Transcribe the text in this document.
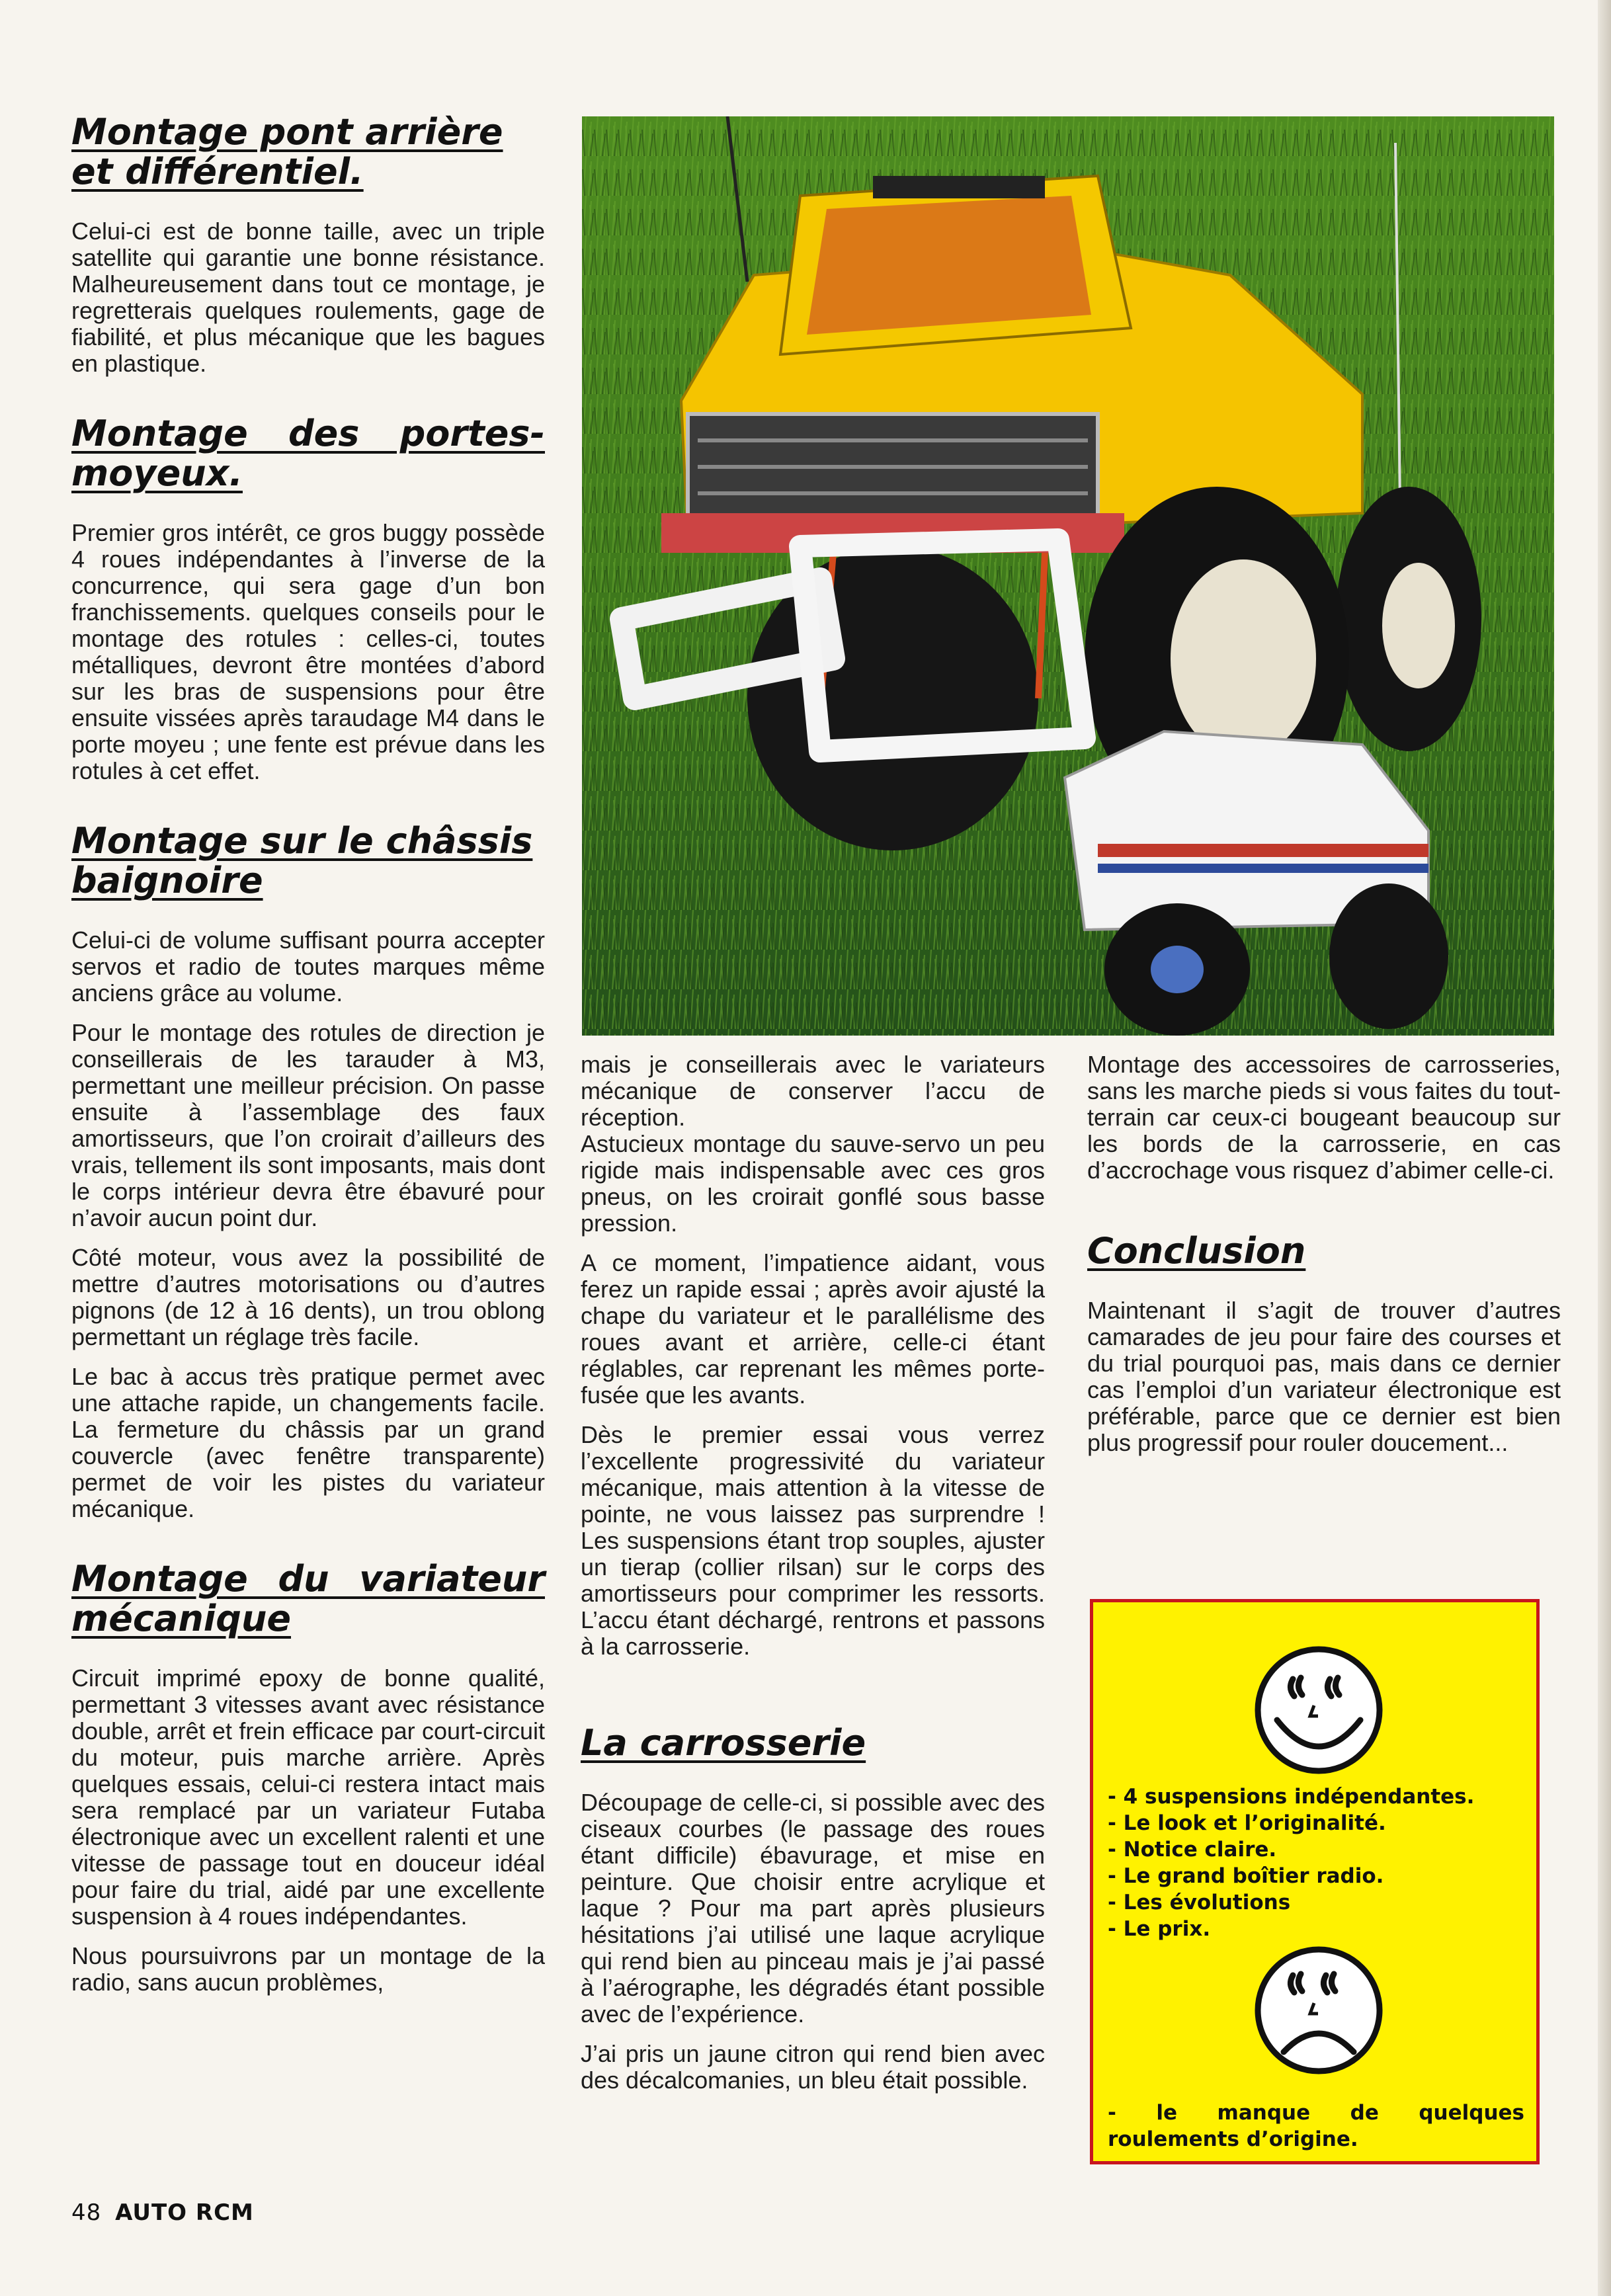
Montage pont arrière et différentiel.

Celui-ci est de bonne taille, avec un triple satellite qui garantie une bonne résistance. Malheureusement dans tout ce montage, je regretterais quelques roulements, gage de fiabilité, et plus mécanique que les bagues en plastique.

Montage des portes-moyeux.

Premier gros intérêt, ce gros buggy possède 4 roues indépendantes à l’inverse de la concurrence, qui sera gage d’un bon franchissements. quelques conseils pour le montage des rotules : celles-ci, toutes métalliques, devront être montées d’abord sur les bras de suspensions pour être ensuite vissées après taraudage M4 dans le porte moyeu ; une fente est prévue dans les rotules à cet effet.

Montage sur le châssis baignoire

Celui-ci de volume suffisant pourra accepter servos et radio de toutes marques même anciens grâce au volume.

Pour le montage des rotules de direction je conseillerais de les tarauder à M3, permettant une meilleur précision. On passe ensuite à l’assemblage des faux amortisseurs, que l’on croirait d’ailleurs des vrais, tellement ils sont imposants, mais dont le corps intérieur devra être ébavuré pour n’avoir aucun point dur.

Côté moteur, vous avez la possibilité de mettre d’autres motorisations ou d’autres pignons (de 12 à 16 dents), un trou oblong permettant un réglage très facile.

Le bac à accus très pratique permet avec une attache rapide, un changements facile. La fermeture du châssis par un grand couvercle (avec fenêtre transparente) permet de voir les pistes du variateur mécanique.

Montage du variateur mécanique

Circuit imprimé epoxy de bonne qualité, permettant 3 vitesses avant avec résistance double, arrêt et frein efficace par court-circuit du moteur, puis marche arrière. Après quelques essais, celui-ci restera intact mais sera remplacé par un variateur Futaba électronique avec un excellent ralenti et une vitesse de passage tout en douceur idéal pour faire du trial, aidé par une excellente suspension à 4 roues indépendantes.

Nous poursuivrons par un montage de la radio, sans aucun problèmes,

mais je conseillerais avec le variateurs mécanique de conserver l’accu de réception.

Astucieux montage du sauve-servo un peu rigide mais indispensable avec ces gros pneus, on les croirait gonflé sous basse pression.

A ce moment, l’impatience aidant, vous ferez un rapide essai ; après avoir ajusté la chape du variateur et le parallélisme des roues avant et arrière, celle-ci étant réglables, car reprenant les mêmes porte-fusée que les avants.

Dès le premier essai vous verrez l’excellente progressivité du variateur mécanique, mais attention à la vitesse de pointe, ne vous laissez pas surprendre ! Les suspensions étant trop souples, ajuster un tierap (collier rilsan) sur le corps des amortisseurs pour comprimer les ressorts. L’accu étant déchargé, rentrons et passons à la carrosserie.

La carrosserie

Découpage de celle-ci, si possible avec des ciseaux courbes (le passage des roues étant difficile) ébavurage, et mise en peinture. Que choisir entre acrylique et laque ? Pour ma part après plusieurs hésitations j’ai utilisé une laque acrylique qui rend bien au pinceau mais je j’ai passé à l’aérographe, les dégradés étant possible avec de l’expérience.

J’ai pris un jaune citron qui rend bien avec des décalcomanies, un bleu était possible.

Montage des accessoires de carrosseries, sans les marche pieds si vous faites du tout-terrain car ceux-ci bougeant beaucoup sur les bords de la carrosserie, en cas d’accrochage vous risquez d’abimer celle-ci.

Conclusion

Maintenant il s’agit de trouver d’autres camarades de jeu pour faire des courses et du trial pourquoi pas, mais dans ce dernier cas l’emploi d’un variateur électronique est préférable, parce que ce dernier est bien plus progressif pour rouler doucement...

- 4 suspensions indépendantes.
- Le look et l’originalité.
- Notice claire.
- Le grand boîtier radio.
- Les évolutions
- Le prix.

- le manque de quelques roulements d’origine.

48 AUTO RCM
